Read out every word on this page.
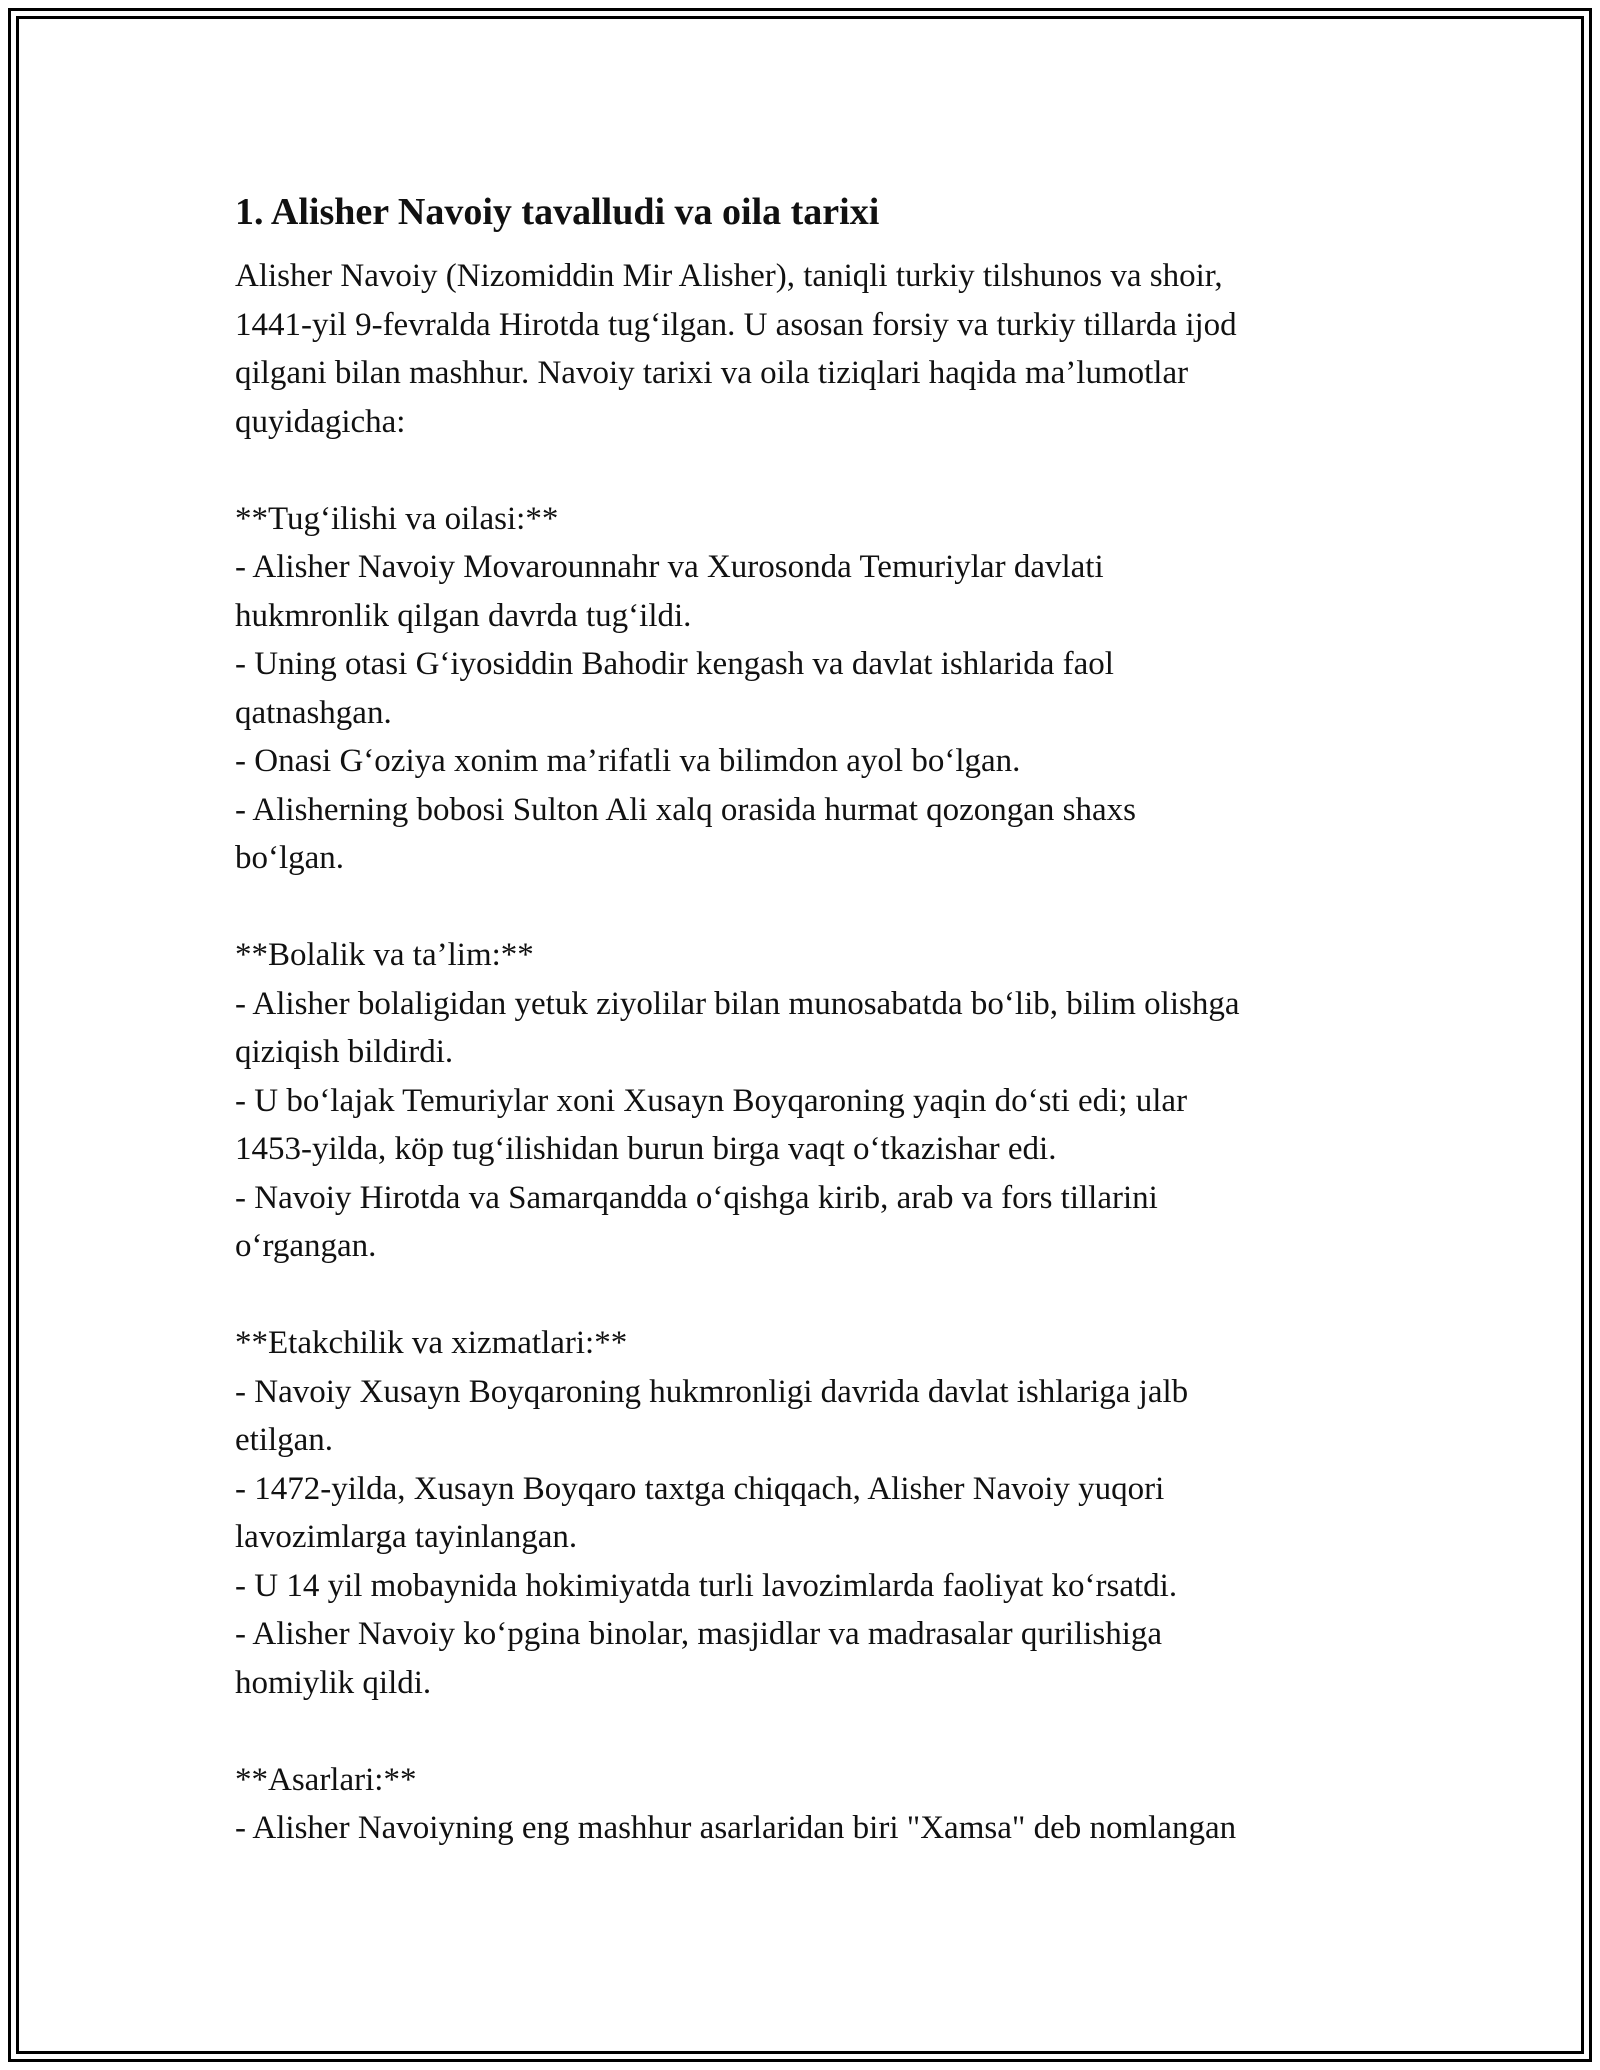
1. Alisher Navoiy tavalludi va oila tarixi
Alisher Navoiy (Nizomiddin Mir Alisher), taniqli turkiy tilshunos va shoir,
1441-yil 9-fevralda Hirotda tug‘ilgan. U asosan forsiy va turkiy tillarda ijod
qilgani bilan mashhur. Navoiy tarixi va oila tiziqlari haqida ma’lumotlar
quyidagicha:
**Tug‘ilishi va oilasi:**
- Alisher Navoiy Movarounnahr va Xurosonda Temuriylar davlati
hukmronlik qilgan davrda tug‘ildi.
- Uning otasi G‘iyosiddin Bahodir kengash va davlat ishlarida faol
qatnashgan.
- Onasi G‘oziya xonim ma’rifatli va bilimdon ayol bo‘lgan.
- Alisherning bobosi Sulton Ali xalq orasida hurmat qozongan shaxs
bo‘lgan.
**Bolalik va ta’lim:**
- Alisher bolaligidan yetuk ziyolilar bilan munosabatda bo‘lib, bilim olishga
qiziqish bildirdi.
- U bo‘lajak Temuriylar xoni Xusayn Boyqaroning yaqin do‘sti edi; ular
1453-yilda, köp tug‘ilishidan burun birga vaqt o‘tkazishar edi.
- Navoiy Hirotda va Samarqandda o‘qishga kirib, arab va fors tillarini
o‘rgangan.
**Etakchilik va xizmatlari:**
- Navoiy Xusayn Boyqaroning hukmronligi davrida davlat ishlariga jalb
etilgan.
- 1472-yilda, Xusayn Boyqaro taxtga chiqqach, Alisher Navoiy yuqori
lavozimlarga tayinlangan.
- U 14 yil mobaynida hokimiyatda turli lavozimlarda faoliyat ko‘rsatdi.
- Alisher Navoiy ko‘pgina binolar, masjidlar va madrasalar qurilishiga
homiylik qildi.
**Asarlari:**
- Alisher Navoiyning eng mashhur asarlaridan biri "Xamsa" deb nomlangan
